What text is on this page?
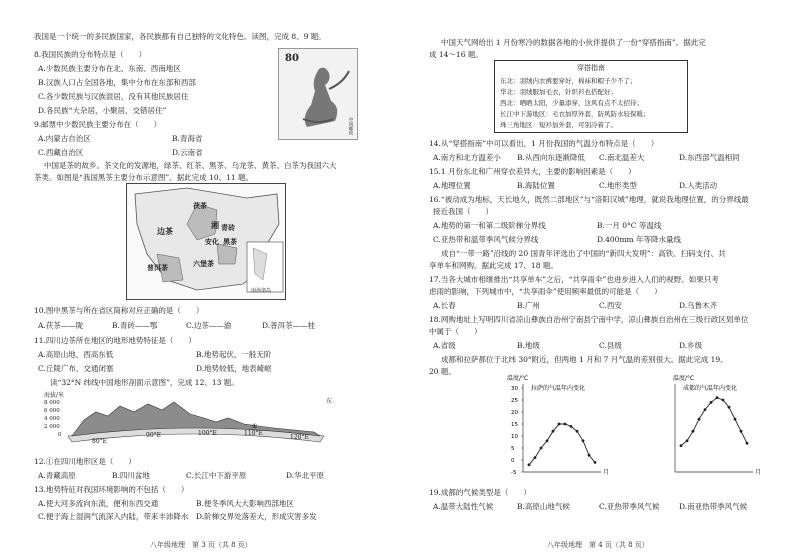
我国是一个统一的多民族国家，各民族都有自己独特的文化特色。读图，完成 8、9 题。
8.我国民族的分布特点是（　　）
A.少数民族主要分布在北、东南、西南地区
B.汉族人口占全国各地，集中分布在东部和西部
C.各少数民族与汉族混居，没有其他民族居住
D.各民族“大杂居，小聚居，交错居住”
80
中国邮政
9.邮票中少数民族主要分布在（　　）
A.内蒙古自治区	B.青海省
C.西藏自治区	D.云南省
中国是茶的故乡。茶文化的发源地，绿茶、红茶、黑茶、乌龙茶、黄茶、白茶为我国六大
茶类。如图是“我国黑茶主要分布示意图”。据此完成 10、11 题。
茯茶
边茶
湘
安化 黑茶
青砖
普洱茶	六堡茶
南海诸岛
10.图中黑茶与所在省区简称对应正确的是（　　）
A.茯茶——陇	B.青砖——鄂	C.边茶——渝	D.普洱茶——桂
11.四川边茶所在地区的地形地势特征是（　　）
A.高原山地，西高东低	B.地势起伏，一般无阶
C.丘陵广布，交通闭塞	D.地势较低，地表崎岖
读“32°N 纬线中国地形剖面示意图”，完成 12、13 题。
海拔/米
8 000
6 000
4 000
2 000
0
①
80°E
90°E	100°E	110°E
120°E
东
12.①在四川地形区是（　　）
A.青藏高原	B.四川盆地	C.长江中下游平原	D.华北平原
13.地势特征对我国环境影响的不包括（　　）
A.使大河多流向东流，便利东西交通	B.便冬季风大大影响西部地区
C.便于海上湿润气流深入内陆，带来丰沛降水 D.阶梯交界处落差大，形成灾害多发
八年级地理　第 3 页（共 8 页）
中国天气网给出 1 月份寒冷的数据各地的小伙伴提供了一份“穿搭指南”。据此完
成 14～16 题。
穿搭指南
东北：羽绒内衣裤要穿好，棉袜和帽子少不了；
华北：羽绒服加毛衣，针织衫也搭配好；
西北：晒晒太阳，少量添穿，这风有点不太招待；
长江中下游地区：毛衣加厚外套，防风防水较保暖；
珠三角地区：短衫加外套，可别冷着了。
14.从“穿搭指南”中可以看出，1 月份我国的气温分布特点是（　　）
A.南方和北方温差小 B.从西向东逐渐降低 C.南北温差大	D.东西部气温相同
15.1 月份东北和广州穿衣差异大，主要的影响因素是（　　）
A.地理位置	B.海陆位置	C.地形类型	D.人类活动
16.“被动成为地标，天长地久，既然二部地区”与“洛阳汉城”地理，就说我地理位置，的分界线最
接近我国（　　）
A.地势的第一和第二级阶梯分界线	B.一月 0°C 等温线
C.亚热带和温带季风气候分界线	D.400mm 年等降水量线
成自“一带一路”沿线的 20 国青年评选出了中国的“新四大发明”：高铁、扫码支付、共
享单车和网购。据此完成 17、18 题。
17.当各大城市相继推出“共享单车”之后，“共享雨伞”也进步进入人们的视野。如果只考
虑雨的影响，下列城市中，“共享雨伞”使用频率最低的可能是（　　）
A.长春	B.广州	C.西安	D.乌鲁木齐
18.网购地址上写明四川省凉山彝族自治州宁南县宁南中学，凉山彝族自治州在三级行政区划单位
中属于（　　）
A.省级	B.地级	C.县级	D.乡级
成都和拉萨都位于北纬 30°附近，但两地 1 月和 7 月气温的差别很大。据此完成 19、
20 题。
温度/°C
拉萨的气温年内变化
30
25
20
15
10
5
0
-5	月
温度/°C
成都的气温年内变化
月
19.成都的气候类型是（　　）
A.温带大陆性气候	B.高原山地气候	C.亚热带季风气候	D.南亚热带季风气候
八年级地理　第 4 页（共 8 页）
